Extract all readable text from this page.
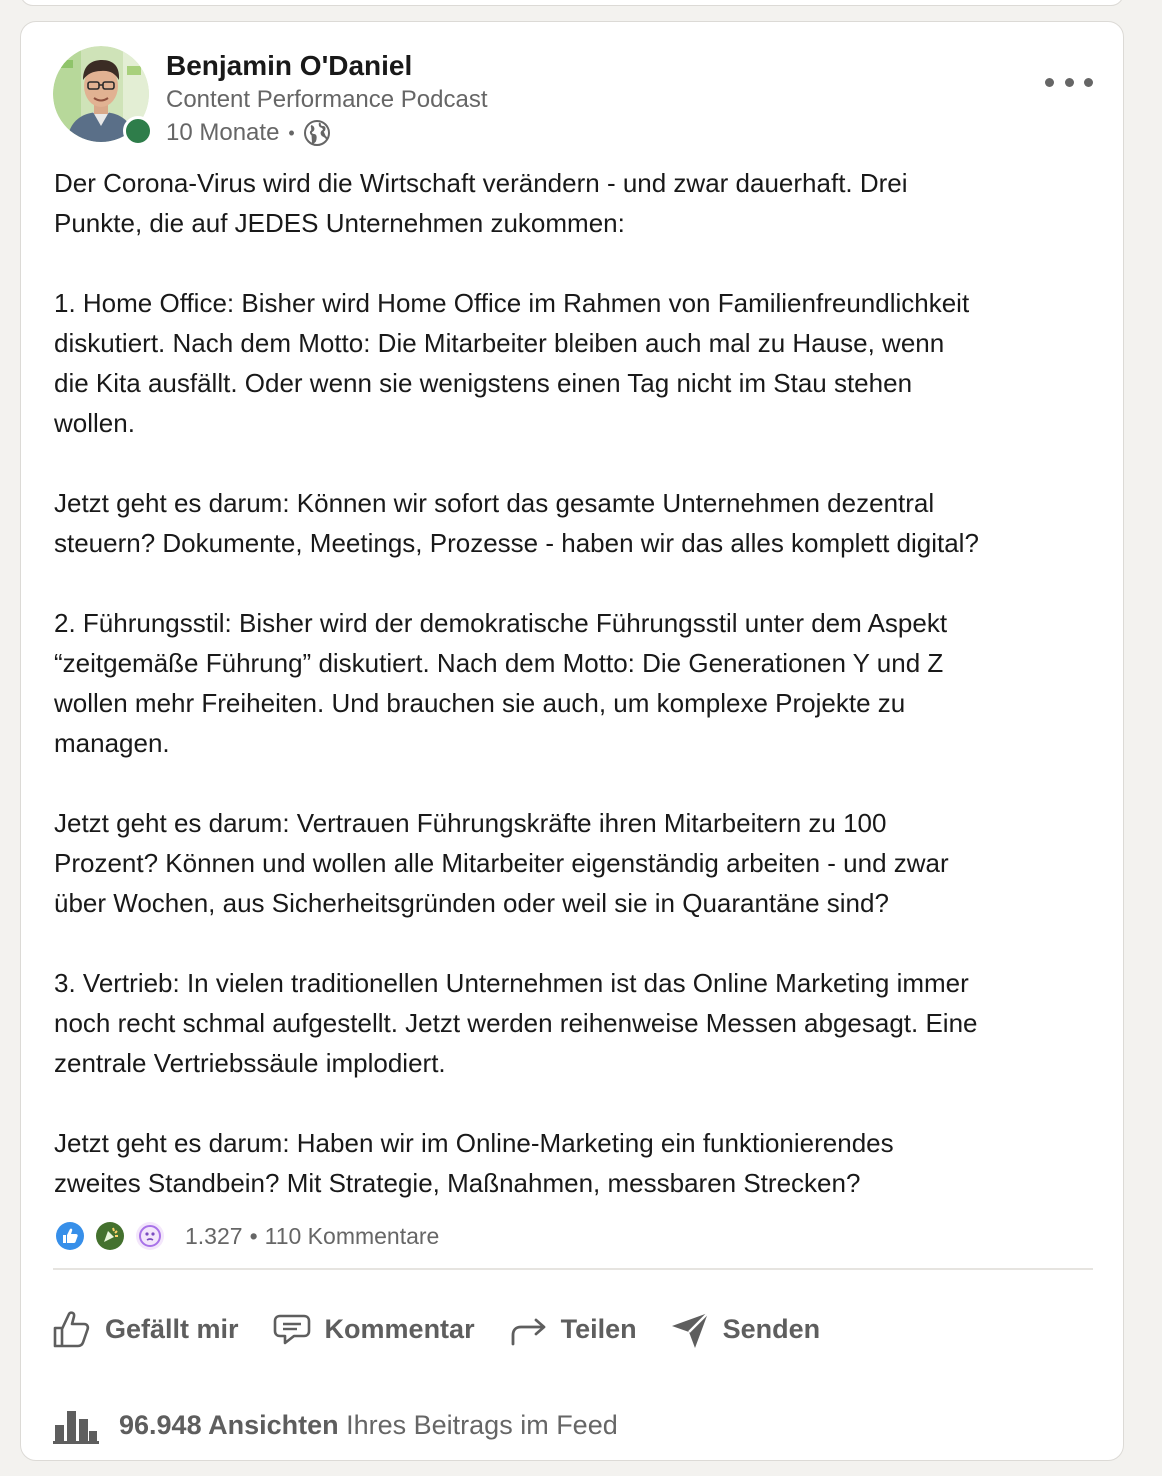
Benjamin O'Daniel
Content Performance Podcast
10 Monate •

Der Corona-Virus wird die Wirtschaft verändern - und zwar dauerhaft. Drei
Punkte, die auf JEDES Unternehmen zukommen:

1. Home Office: Bisher wird Home Office im Rahmen von Familienfreundlichkeit
diskutiert. Nach dem Motto: Die Mitarbeiter bleiben auch mal zu Hause, wenn
die Kita ausfällt. Oder wenn sie wenigstens einen Tag nicht im Stau stehen
wollen.

Jetzt geht es darum: Können wir sofort das gesamte Unternehmen dezentral
steuern? Dokumente, Meetings, Prozesse - haben wir das alles komplett digital?

2. Führungsstil: Bisher wird der demokratische Führungsstil unter dem Aspekt
“zeitgemäße Führung” diskutiert. Nach dem Motto: Die Generationen Y und Z
wollen mehr Freiheiten. Und brauchen sie auch, um komplexe Projekte zu
managen.

Jetzt geht es darum: Vertrauen Führungskräfte ihren Mitarbeitern zu 100
Prozent? Können und wollen alle Mitarbeiter eigenständig arbeiten - und zwar
über Wochen, aus Sicherheitsgründen oder weil sie in Quarantäne sind?

3. Vertrieb: In vielen traditionellen Unternehmen ist das Online Marketing immer
noch recht schmal aufgestellt. Jetzt werden reihenweise Messen abgesagt. Eine
zentrale Vertriebssäule implodiert.

Jetzt geht es darum: Haben wir im Online-Marketing ein funktionierendes
zweites Standbein? Mit Strategie, Maßnahmen, messbaren Strecken?

1.327 • 110 Kommentare
Gefällt mir	Kommentar	Teilen	Senden
96.948 Ansichten
Ihres Beitrags im Feed
